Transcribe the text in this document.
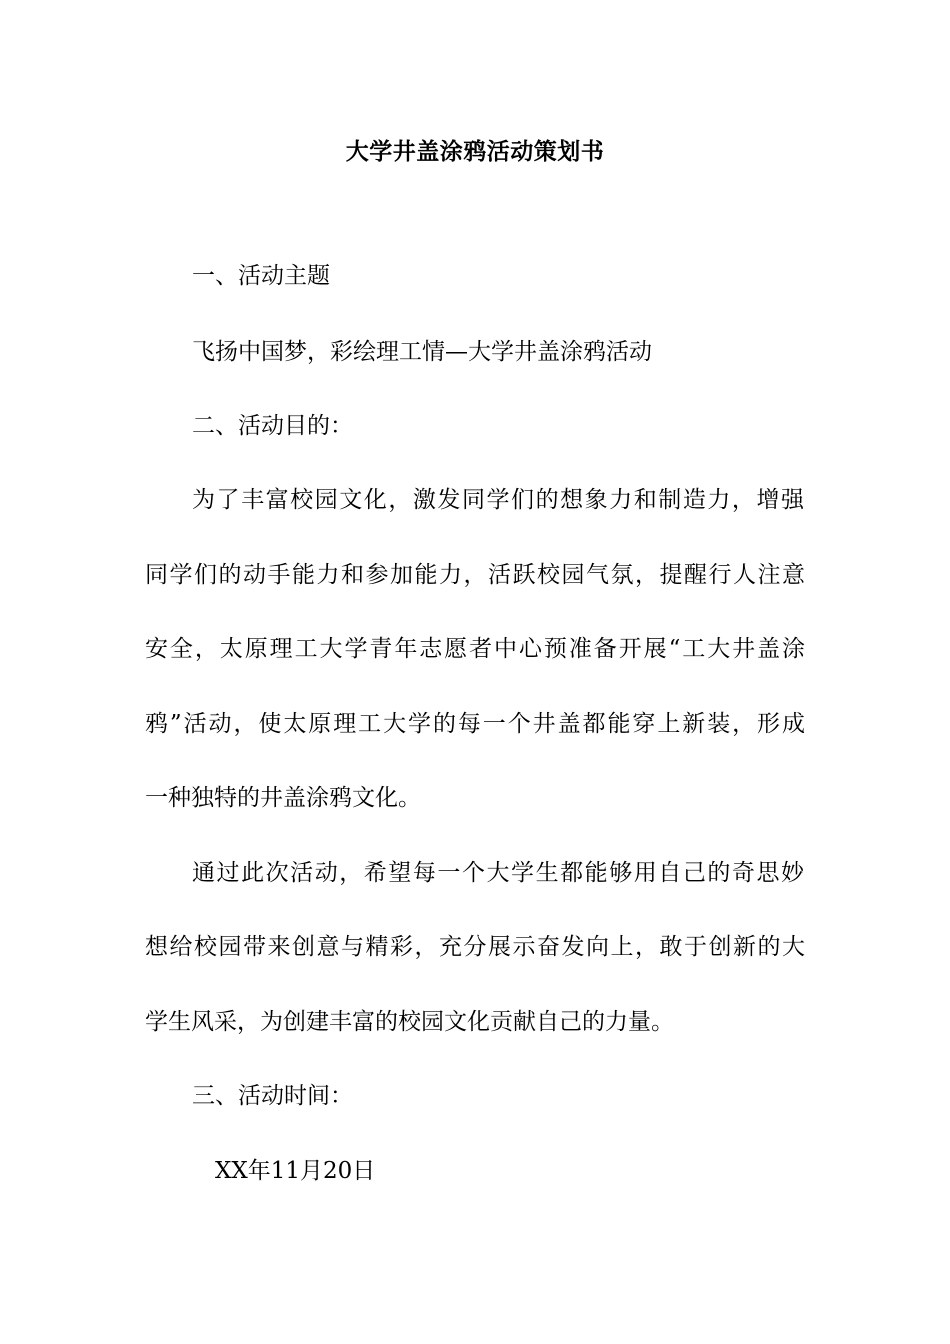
大学井盖涂鸦活动策划书
一、活动主题
飞扬中国梦，彩绘理工情—大学井盖涂鸦活动
二、活动目的：
为了丰富校园文化，激发同学们的想象力和制造力，增强
同学们的动手能力和参加能力，活跃校园气氛，提醒行人注意
安全，太原理工大学青年志愿者中心预准备开展“工大井盖涂
鸦”活动，使太原理工大学的每一个井盖都能穿上新装，形成
一种独特的井盖涂鸦文化。
通过此次活动，希望每一个大学生都能够用自己的奇思妙
想给校园带来创意与精彩，充分展示奋发向上，敢于创新的大
学生风采，为创建丰富的校园文化贡献自己的力量。
三、活动时间：
XX年11月20日
